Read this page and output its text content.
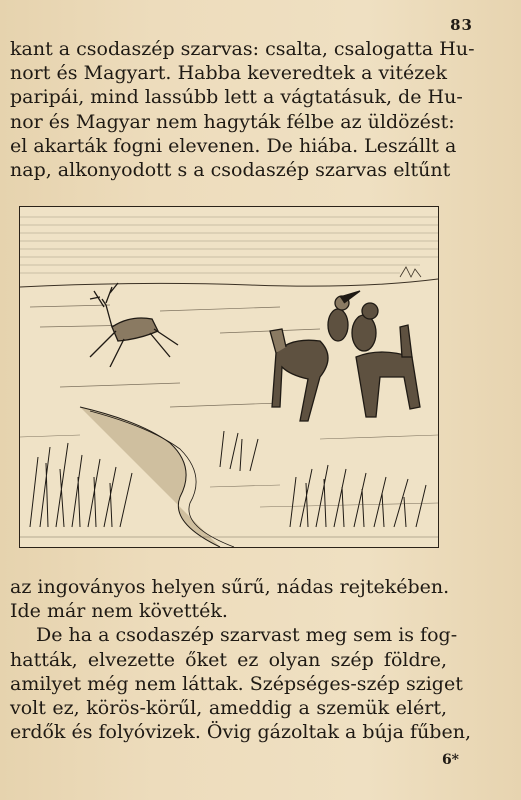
83
kant a csodaszép szarvas: csalta, csalogatta Hu-
nort és Magyart. Habba keveredtek a vitézek
paripái, mind lassúbb lett a vágtatásuk, de Hu-
nor és Magyar nem hagyták félbe az üldözést:
el akarták fogni elevenen. De hiába. Leszállt a
nap, alkonyodott s a csodaszép szarvas eltűnt
az ingoványos helyen sűrű, nádas rejtekében.
Ide már nem követték.
De ha a csodaszép szarvast meg sem is fog-
hatták, elvezette őket ez olyan szép földre,
amilyet még nem láttak. Szépséges-szép sziget
volt ez, körös-körűl, ameddig a szemük elért,
erdők és folyóvizek. Övig gázoltak a búja fűben,
6*
